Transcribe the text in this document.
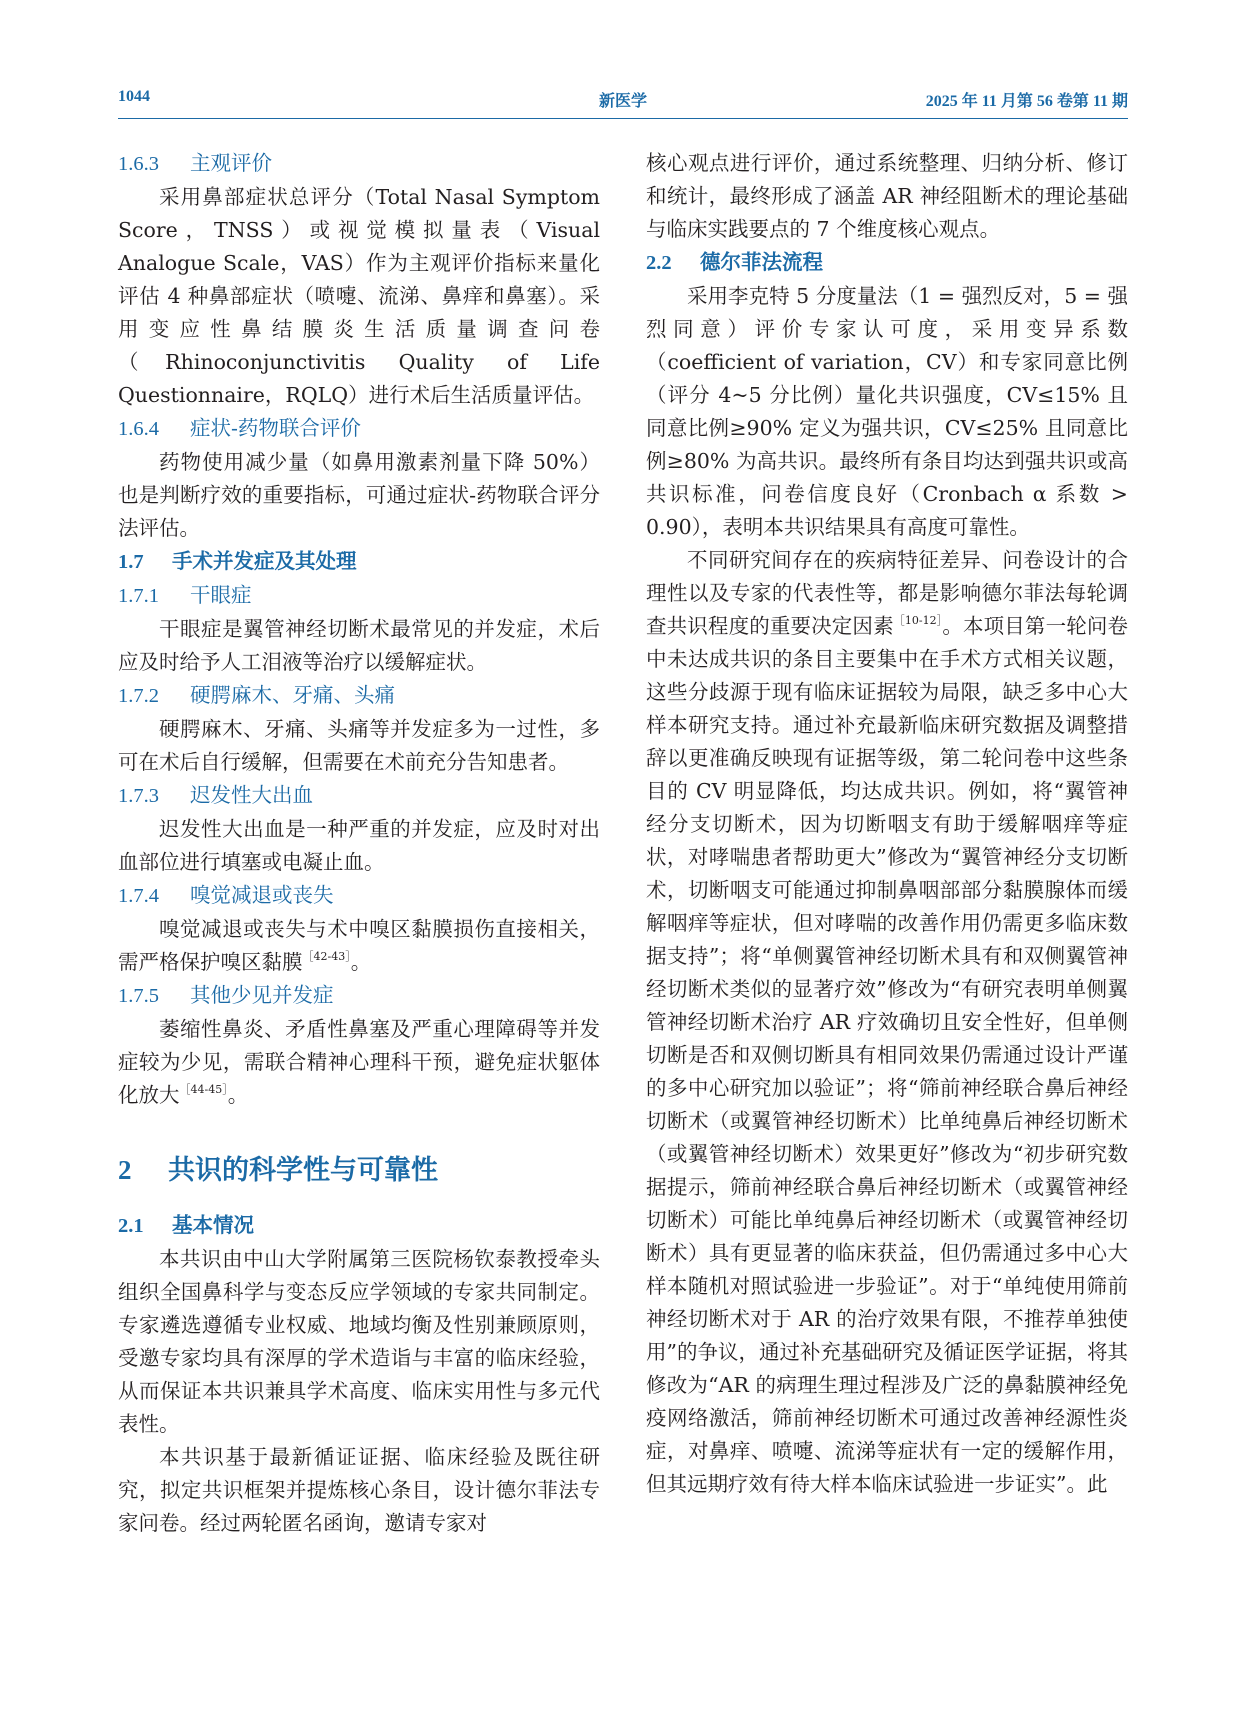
1044	新医学	2025 年 11 月第 56 卷第 11 期
1.6.3 主观评价

采用鼻部症状总评分（Total Nasal Symptom Score，TNSS）或视觉模拟量表（Visual Analogue Scale，VAS）作为主观评价指标来量化评估 4 种鼻部症状（喷嚏、流涕、鼻痒和鼻塞）。采用变应性鼻结膜炎生活质量调查问卷（Rhinoconjunctivitis Quality of Life Questionnaire，RQLQ）进行术后生活质量评估。

1.6.4 症状-药物联合评价

药物使用减少量（如鼻用激素剂量下降 50%）也是判断疗效的重要指标，可通过症状-药物联合评分法评估。

1.7 手术并发症及其处理
1.7.1 干眼症

干眼症是翼管神经切断术最常见的并发症，术后应及时给予人工泪液等治疗以缓解症状。

1.7.2 硬腭麻木、牙痛、头痛

硬腭麻木、牙痛、头痛等并发症多为一过性，多可在术后自行缓解，但需要在术前充分告知患者。

1.7.3 迟发性大出血

迟发性大出血是一种严重的并发症，应及时对出血部位进行填塞或电凝止血。

1.7.4 嗅觉减退或丧失

嗅觉减退或丧失与术中嗅区黏膜损伤直接相关，需严格保护嗅区黏膜$^{[42-43]}$。

1.7.5 其他少见并发症

萎缩性鼻炎、矛盾性鼻塞及严重心理障碍等并发症较为少见，需联合精神心理科干预，避免症状躯体化放大$^{[44-45]}$。

2 共识的科学性与可靠性
2.1 基本情况

本共识由中山大学附属第三医院杨钦泰教授牵头组织全国鼻科学与变态反应学领域的专家共同制定。专家遴选遵循专业权威、地域均衡及性别兼顾原则，受邀专家均具有深厚的学术造诣与丰富的临床经验，从而保证本共识兼具学术高度、临床实用性与多元代表性。

本共识基于最新循证证据、临床经验及既往研究，拟定共识框架并提炼核心条目，设计德尔菲法专家问卷。经过两轮匿名函询，邀请专家对

核心观点进行评价，通过系统整理、归纳分析、修订和统计，最终形成了涵盖 AR 神经阻断术的理论基础与临床实践要点的 7 个维度核心观点。

2.2 德尔菲法流程

采用李克特 5 分度量法（1 = 强烈反对，5 = 强烈同意）评价专家认可度，采用变异系数（coefficient of variation，CV）和专家同意比例（评分 4~5 分比例）量化共识强度，CV≤15% 且同意比例≥90% 定义为强共识，CV≤25% 且同意比例≥80% 为高共识。最终所有条目均达到强共识或高共识标准，问卷信度良好（Cronbach α 系数 > 0.90），表明本共识结果具有高度可靠性。

不同研究间存在的疾病特征差异、问卷设计的合理性以及专家的代表性等，都是影响德尔菲法每轮调查共识程度的重要决定因素$^{[10-12]}$。本项目第一轮问卷中未达成共识的条目主要集中在手术方式相关议题，这些分歧源于现有临床证据较为局限，缺乏多中心大样本研究支持。通过补充最新临床研究数据及调整措辞以更准确反映现有证据等级，第二轮问卷中这些条目的 CV 明显降低，均达成共识。例如，将“翼管神经分支切断术，因为切断咽支有助于缓解咽痒等症状，对哮喘患者帮助更大”修改为“翼管神经分支切断术，切断咽支可能通过抑制鼻咽部部分黏膜腺体而缓解咽痒等症状，但对哮喘的改善作用仍需更多临床数据支持”；将“单侧翼管神经切断术具有和双侧翼管神经切断术类似的显著疗效”修改为“有研究表明单侧翼管神经切断术治疗 AR 疗效确切且安全性好，但单侧切断是否和双侧切断具有相同效果仍需通过设计严谨的多中心研究加以验证”；将“筛前神经联合鼻后神经切断术（或翼管神经切断术）比单纯鼻后神经切断术（或翼管神经切断术）效果更好”修改为“初步研究数据提示，筛前神经联合鼻后神经切断术（或翼管神经切断术）可能比单纯鼻后神经切断术（或翼管神经切断术）具有更显著的临床获益，但仍需通过多中心大样本随机对照试验进一步验证”。对于“单纯使用筛前神经切断术对于 AR 的治疗效果有限，不推荐单独使用”的争议，通过补充基础研究及循证医学证据，将其修改为“AR 的病理生理过程涉及广泛的鼻黏膜神经免疫网络激活，筛前神经切断术可通过改善神经源性炎症，对鼻痒、喷嚏、流涕等症状有一定的缓解作用，但其远期疗效有待大样本临床试验进一步证实”。此
